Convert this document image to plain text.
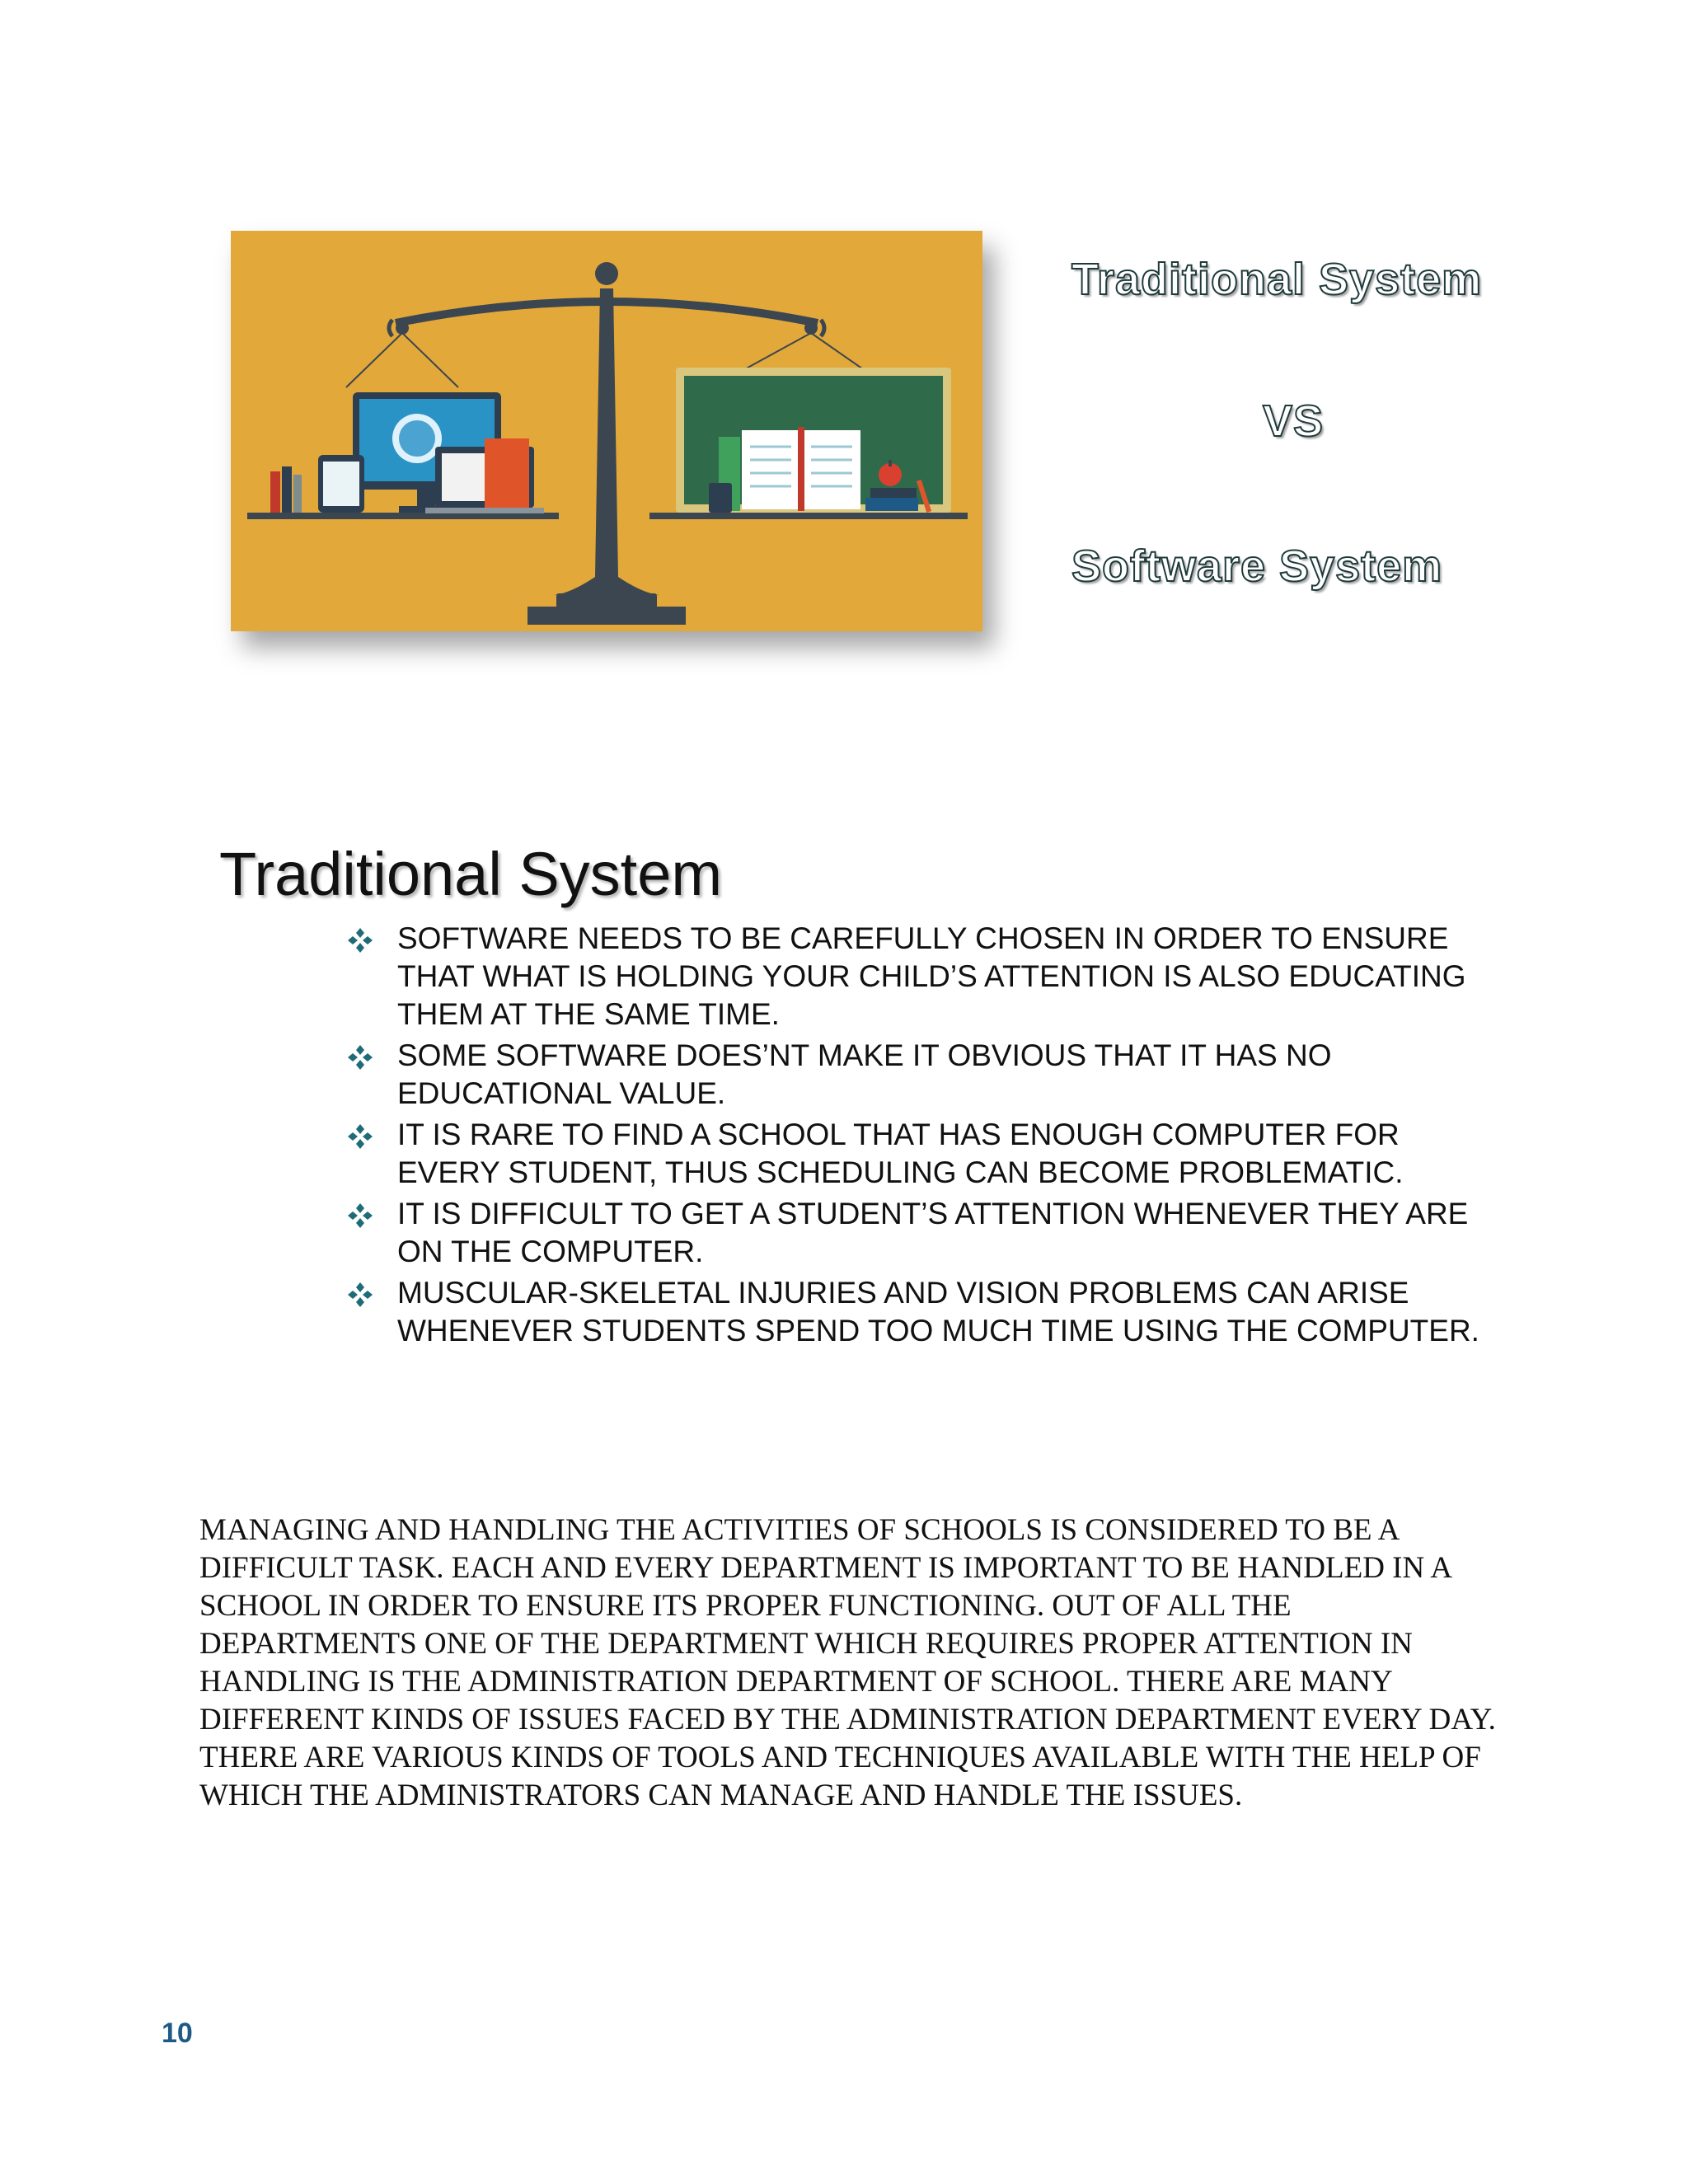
Traditional System
VS
Software System
Traditional System
SOFTWARE NEEDS TO BE CAREFULLY CHOSEN IN ORDER TO ENSURE THAT WHAT IS HOLDING YOUR CHILD’S ATTENTION IS ALSO EDUCATING THEM AT THE SAME TIME.
SOME SOFTWARE DOES’NT MAKE IT OBVIOUS THAT IT HAS NO EDUCATIONAL VALUE.
IT IS RARE TO FIND A SCHOOL THAT HAS ENOUGH COMPUTER FOR EVERY STUDENT, THUS SCHEDULING CAN BECOME PROBLEMATIC.
IT IS DIFFICULT TO GET A STUDENT’S ATTENTION WHENEVER THEY ARE ON THE COMPUTER.
MUSCULAR-SKELETAL INJURIES AND VISION PROBLEMS CAN ARISE WHENEVER STUDENTS SPEND TOO MUCH TIME USING THE COMPUTER.

MANAGING AND HANDLING THE ACTIVITIES OF SCHOOLS IS CONSIDERED TO BE A DIFFICULT TASK. EACH AND EVERY DEPARTMENT IS IMPORTANT TO BE HANDLED IN A SCHOOL IN ORDER TO ENSURE ITS PROPER FUNCTIONING. OUT OF ALL THE DEPARTMENTS ONE OF THE DEPARTMENT WHICH REQUIRES PROPER ATTENTION IN HANDLING IS THE ADMINISTRATION DEPARTMENT OF SCHOOL. THERE ARE MANY DIFFERENT KINDS OF ISSUES FACED BY THE ADMINISTRATION DEPARTMENT EVERY DAY. THERE ARE VARIOUS KINDS OF TOOLS AND TECHNIQUES AVAILABLE WITH THE HELP OF WHICH THE ADMINISTRATORS CAN MANAGE AND HANDLE THE ISSUES.

10
